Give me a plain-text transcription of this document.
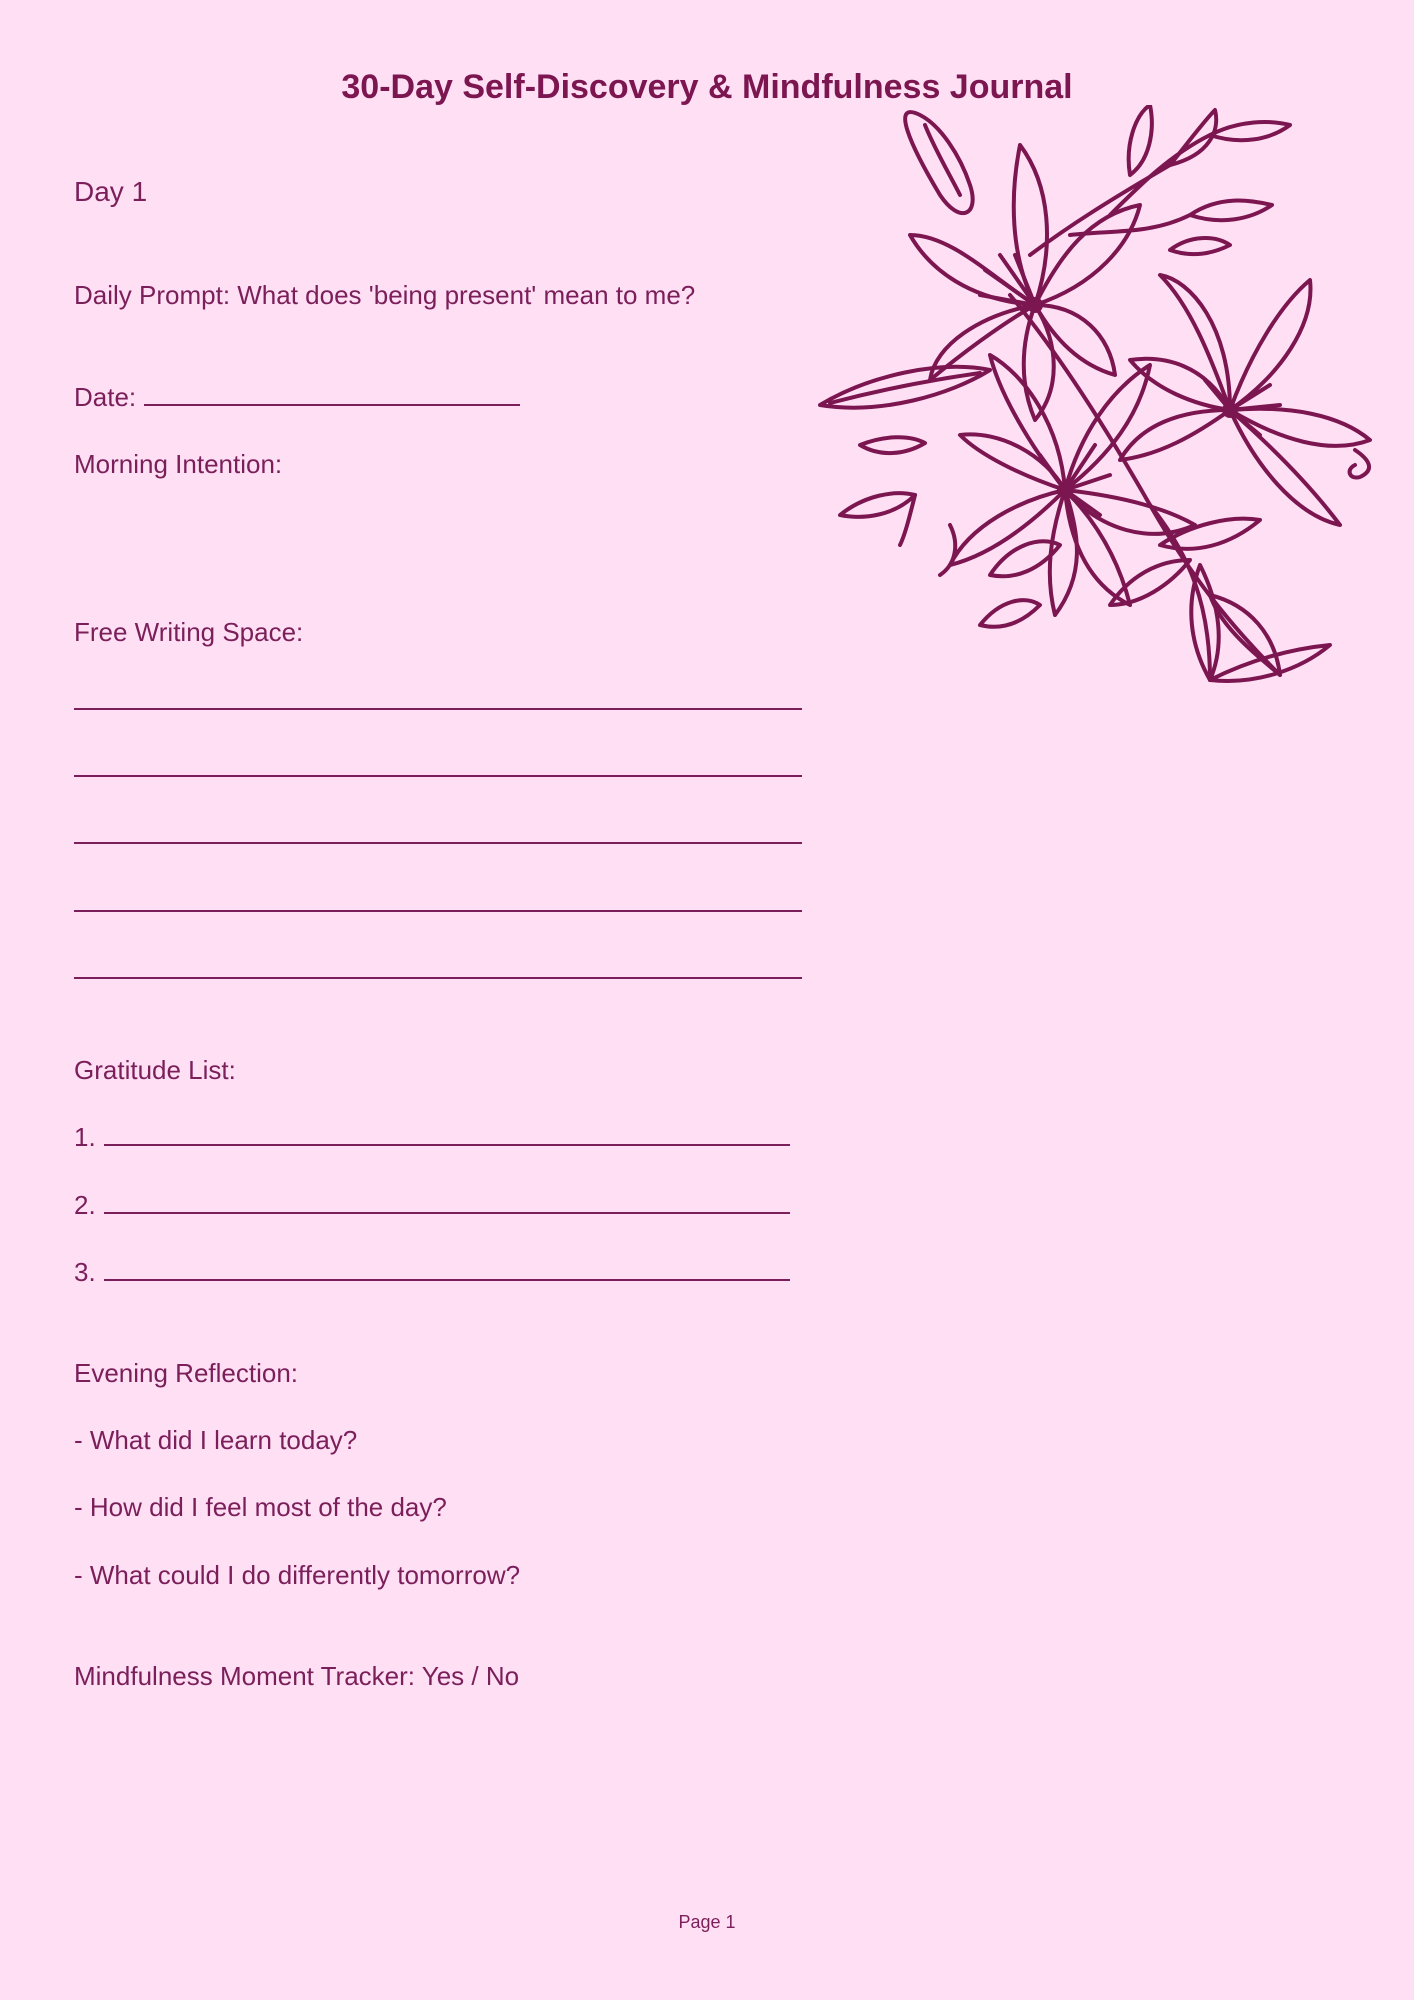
30-Day Self-Discovery & Mindfulness Journal
Day 1
Daily Prompt: What does 'being present' mean to me?
Date:
Morning Intention:
Free Writing Space:
Gratitude List:
1.
2.
3.
Evening Reflection:
- What did I learn today?
- How did I feel most of the day?
- What could I do differently tomorrow?
Mindfulness Moment Tracker: Yes / No
Page 1
